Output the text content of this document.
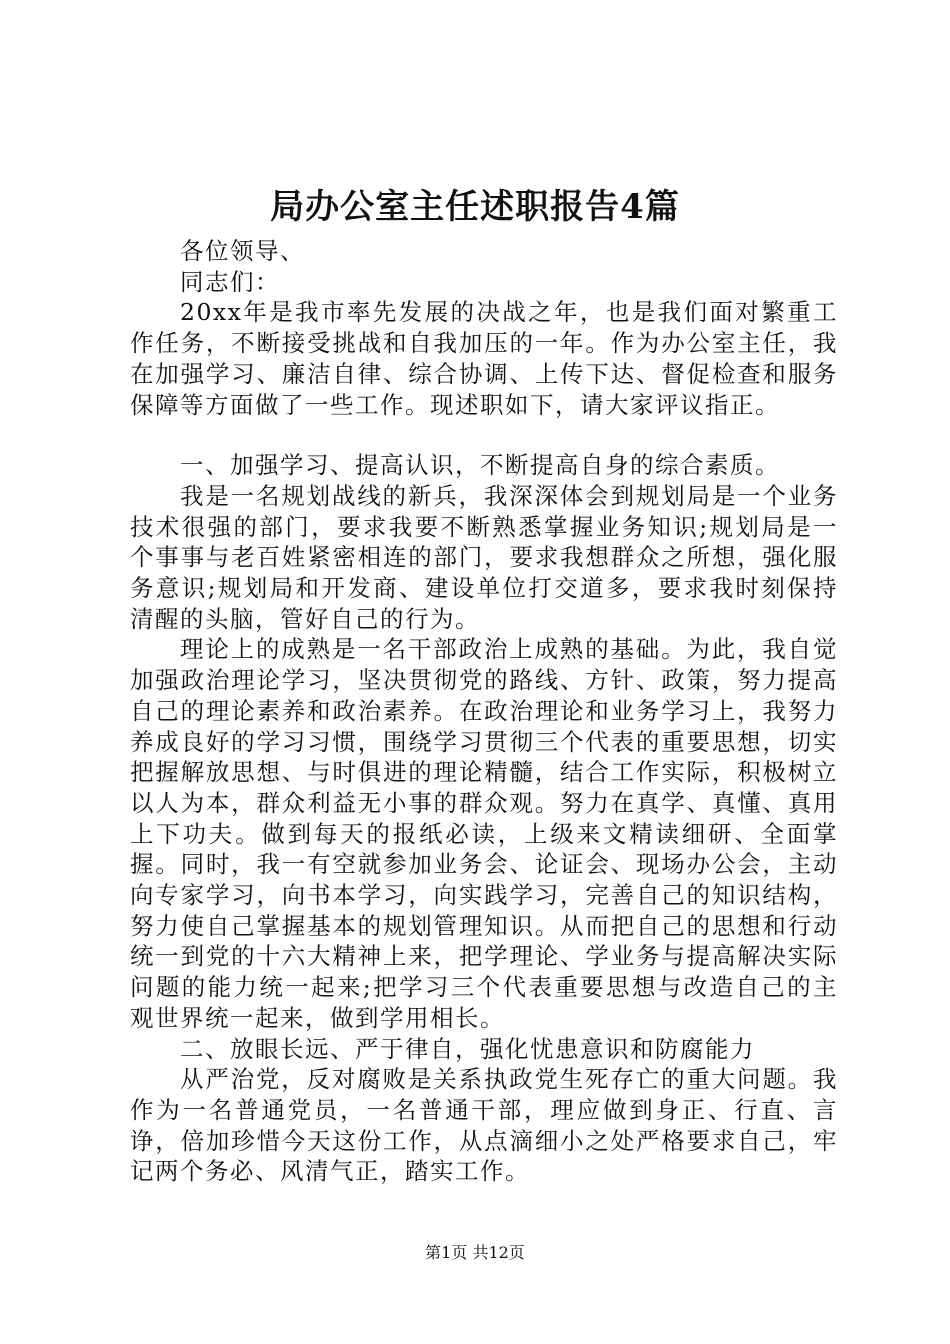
局办公室主任述职报告4篇

各位领导、

同志们：

20xx年是我市率先发展的决战之年，也是我们面对繁重工作任务，不断接受挑战和自我加压的一年。作为办公室主任，我在加强学习、廉洁自律、综合协调、上传下达、督促检查和服务保障等方面做了一些工作。现述职如下，请大家评议指正。

一、加强学习、提高认识，不断提高自身的综合素质。

我是一名规划战线的新兵，我深深体会到规划局是一个业务技术很强的部门，要求我要不断熟悉掌握业务知识;规划局是一个事事与老百姓紧密相连的部门，要求我想群众之所想，强化服务意识;规划局和开发商、建设单位打交道多，要求我时刻保持清醒的头脑，管好自己的行为。

理论上的成熟是一名干部政治上成熟的基础。为此，我自觉加强政治理论学习，坚决贯彻党的路线、方针、政策，努力提高自己的理论素养和政治素养。在政治理论和业务学习上，我努力养成良好的学习习惯，围绕学习贯彻三个代表的重要思想，切实把握解放思想、与时俱进的理论精髓，结合工作实际，积极树立以人为本，群众利益无小事的群众观。努力在真学、真懂、真用上下功夫。做到每天的报纸必读，上级来文精读细研、全面掌握。同时，我一有空就参加业务会、论证会、现场办公会，主动向专家学习，向书本学习，向实践学习，完善自己的知识结构，努力使自己掌握基本的规划管理知识。从而把自己的思想和行动统一到党的十六大精神上来，把学理论、学业务与提高解决实际问题的能力统一起来;把学习三个代表重要思想与改造自己的主观世界统一起来，做到学用相长。

二、放眼长远、严于律自，强化忧患意识和防腐能力

从严治党，反对腐败是关系执政党生死存亡的重大问题。我作为一名普通党员，一名普通干部，理应做到身正、行直、言诤，倍加珍惜今天这份工作，从点滴细小之处严格要求自己，牢记两个务必、风清气正，踏实工作。

第1页 共12页
